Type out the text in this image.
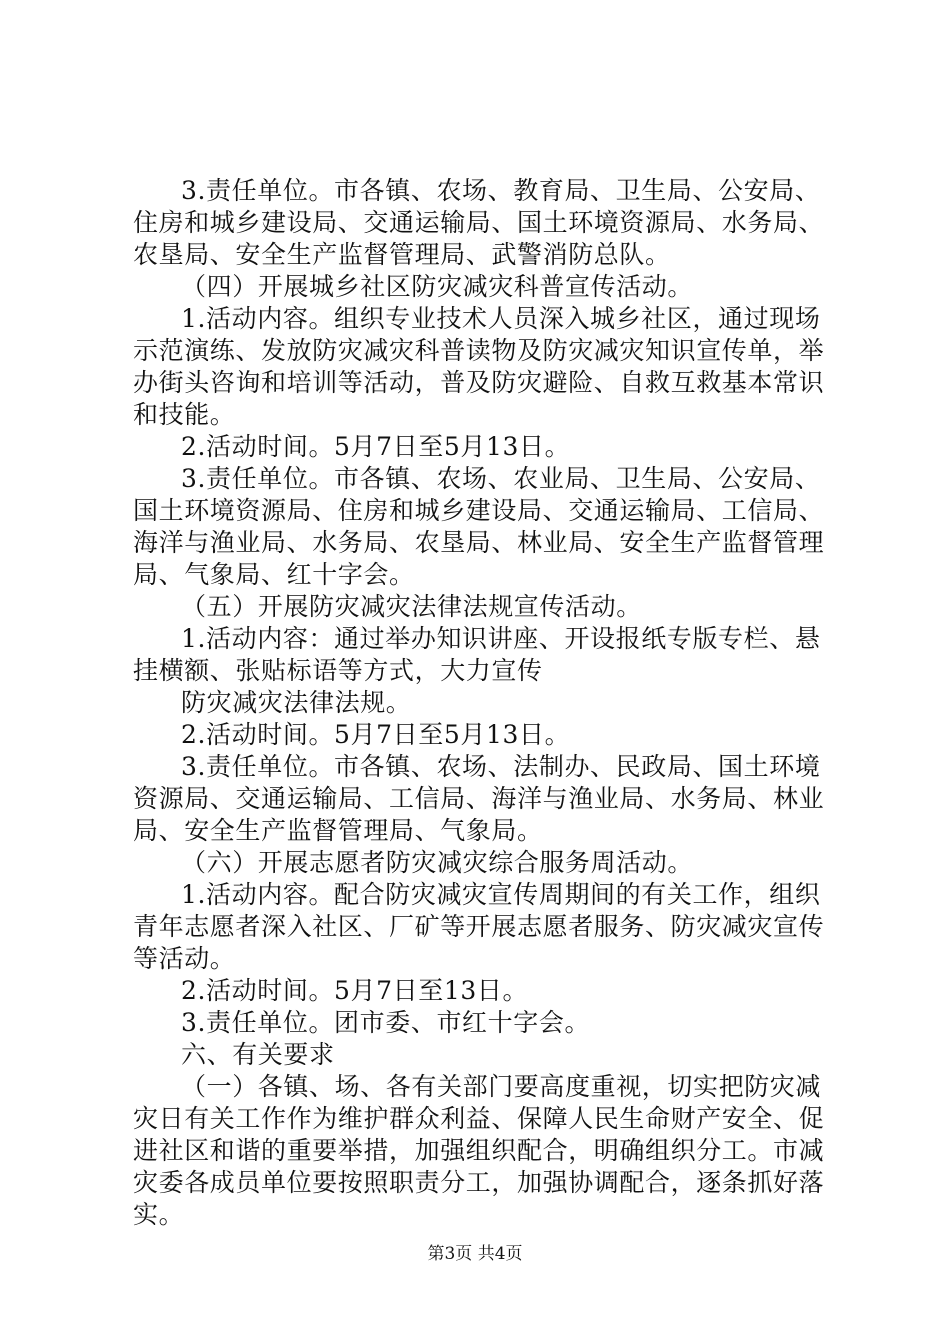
3.责任单位。市各镇、农场、教育局、卫生局、公安局、
住房和城乡建设局、交通运输局、国土环境资源局、水务局、
农垦局、安全生产监督管理局、武警消防总队。
（四）开展城乡社区防灾减灾科普宣传活动。
1.活动内容。组织专业技术人员深入城乡社区，通过现场
示范演练、发放防灾减灾科普读物及防灾减灾知识宣传单，举
办街头咨询和培训等活动，普及防灾避险、自救互救基本常识
和技能。
2.活动时间。5月7日至5月13日。
3.责任单位。市各镇、农场、农业局、卫生局、公安局、
国土环境资源局、住房和城乡建设局、交通运输局、工信局、
海洋与渔业局、水务局、农垦局、林业局、安全生产监督管理
局、气象局、红十字会。
（五）开展防灾减灾法律法规宣传活动。
1.活动内容：通过举办知识讲座、开设报纸专版专栏、悬
挂横额、张贴标语等方式，大力宣传
防灾减灾法律法规。
2.活动时间。5月7日至5月13日。
3.责任单位。市各镇、农场、法制办、民政局、国土环境
资源局、交通运输局、工信局、海洋与渔业局、水务局、林业
局、安全生产监督管理局、气象局。
（六）开展志愿者防灾减灾综合服务周活动。
1.活动内容。配合防灾减灾宣传周期间的有关工作，组织
青年志愿者深入社区、厂矿等开展志愿者服务、防灾减灾宣传
等活动。
2.活动时间。5月7日至13日。
3.责任单位。团市委、市红十字会。
六、有关要求
（一）各镇、场、各有关部门要高度重视，切实把防灾减
灾日有关工作作为维护群众利益、保障人民生命财产安全、促
进社区和谐的重要举措，加强组织配合，明确组织分工。市减
灾委各成员单位要按照职责分工，加强协调配合，逐条抓好落
实。
第3页 共4页
